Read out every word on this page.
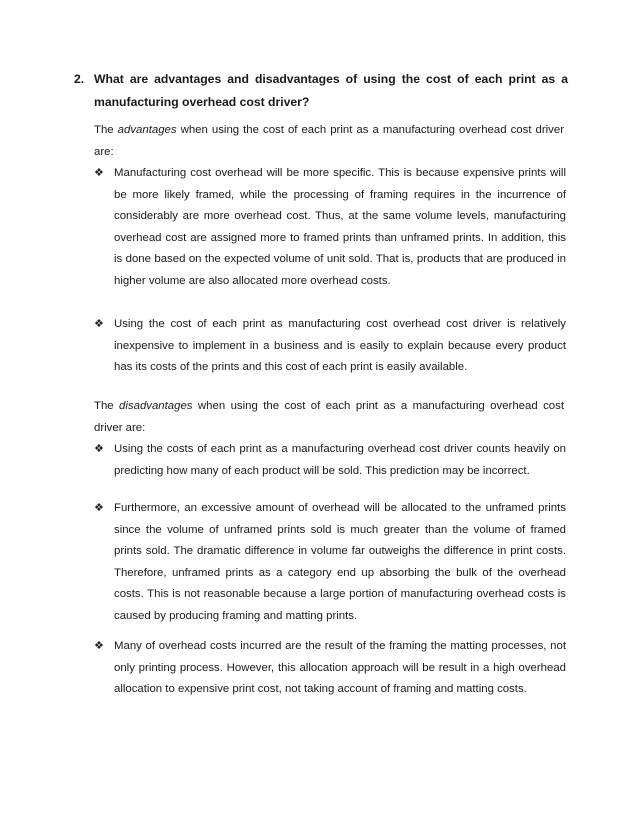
2. What are advantages and disadvantages of using the cost of each print as a manufacturing overhead cost driver?
The advantages when using the cost of each print as a manufacturing overhead cost driver are:
❖ Manufacturing cost overhead will be more specific. This is because expensive prints will be more likely framed, while the processing of framing requires in the incurrence of considerably are more overhead cost. Thus, at the same volume levels, manufacturing overhead cost are assigned more to framed prints than unframed prints. In addition, this is done based on the expected volume of unit sold. That is, products that are produced in higher volume are also allocated more overhead costs.
❖ Using the cost of each print as manufacturing cost overhead cost driver is relatively inexpensive to implement in a business and is easily to explain because every product has its costs of the prints and this cost of each print is easily available.
The disadvantages when using the cost of each print as a manufacturing overhead cost driver are:
❖ Using the costs of each print as a manufacturing overhead cost driver counts heavily on predicting how many of each product will be sold. This prediction may be incorrect.
❖ Furthermore, an excessive amount of overhead will be allocated to the unframed prints since the volume of unframed prints sold is much greater than the volume of framed prints sold. The dramatic difference in volume far outweighs the difference in print costs. Therefore, unframed prints as a category end up absorbing the bulk of the overhead costs. This is not reasonable because a large portion of manufacturing overhead costs is caused by producing framing and matting prints.
❖ Many of overhead costs incurred are the result of the framing the matting processes, not only printing process. However, this allocation approach will be result in a high overhead allocation to expensive print cost, not taking account of framing and matting costs.
